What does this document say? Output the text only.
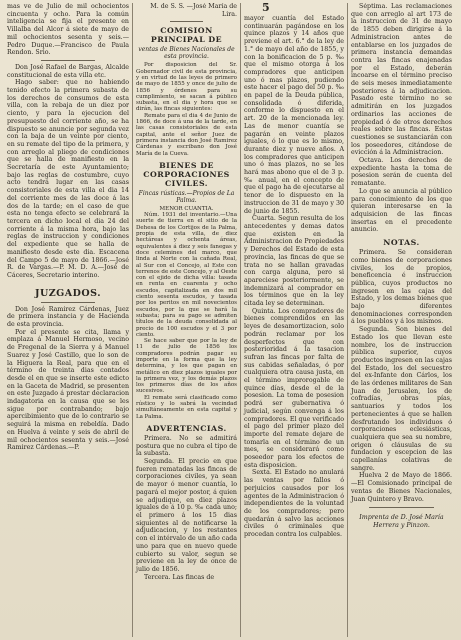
5

mas ve de Julio de mil ochocientos cincuenta y ocho. Para la común inteligencia se fija el presente en Villalba del Alcor á siete de mayo de mil ochocientos sesenta y seis.—Pedro Duque.—Francisco de Paula Rendon. Srio.

Don José Rafael de Bargas, Alcalde constitucional de esta villa etc.

Hago saber: que no habiendo tenido efecto la primera subasta de los derechos de consumos de esta villa, con la rebaja de un diez por ciento, y para la ejecucion del presupuesto del corriente año, se ha dispuesto se anuncie por segunda vez con la baja de un veinte por ciento, en su remate del tipo de la primera, y con arreglo al pliego de condiciones que se halla de manifiesto en la Secretaría de este Ayuntamiento; bajo las reglas de costumbre, cuyo acto tendrá lugar en las casas consistoriales de esta villa el dia 14 del corriente mes de las doce á las dos de la tarde; en el caso de que esta no tenga efecto se celebrará la tercera en dicho local el dia 24 del corriente á la misma hora, bajo las reglas de instruccion y condiciones del expediente que se halla de manifiesto desde este dia. Escacena del Campo 5 de mayo de 1866.—José R. de Vargas.—P. M. D. A.—José de Cáceres, Secretario interino.

JUZGADOS.

Don José Ramirez Cárdenas, Juez de primera instancia y de Hacienda de esta provincia.

Por el presente se cita, llama y emplaza á Manuel Hermoso, vecino de Fregenal de la Sierra y á Manuel Suarez y José Castillo, que lo son de la Higuera la Real, para que en el término de treinta dias contados desde el en que se inserte este edicto en la Gaceta de Madrid, se presenten en este Juzgado á prestar declaracion indagatoria en la causa que se les sigue por contrabando; bajo apercibimiento que de lo contrario se seguirá la misma en rebeldía. Dado en Huelva á veinte y seis de abril de mil ochocientos sesenta y seis.—José Ramirez Cárdenas.—P.

M. de S. S. —José María de Lira.

COMISION PRINCIPAL DE
ventas de Bienes Nacionales de esta provincia.

Por disposicion del Sr. Gobernador civil de esta provincia, y en virtud de las leyes de primero de mayo de 1855 y once de julio de 1856 y órdenes para su cumplimiento, se sacan á público subasta, en el dia y hora que se dirán, las fincas siguientes:

Remate para el dia 4 de Junio de 1866, de doce á una de la tarde, en las casas consistoriales de esta capital, ante el señor Juez de primera instancia don José Ramirez Cárdenas y escribano don José María de la Cueva.

BIENES DE CORPORACIONES CIVILES.
Fincas rústicas.—Propios de La Palma.
MENOR CUANTIA.

Núm. 1931 del inventario.—Una suerte de tierra en el sitio de la Dehesa de los Cortijos de la Palma, propia de esta villa, de diez hectáreas y ochenta áreas, equivalentes á diez y seis fanegas y doce celemines del marco, que linda al Norte con la cañada Real, al Sur con el Concejo, al Este con terrenos de este Concejo, y al Oeste con el ejido de dicha villa: tasada en renta en cuarenta y ocho escudos, capitalizada en dos mil ciento sesenta escudos, y tasada por los peritos en mil novecientos escudos, por la que se hará la subasta; para su pago se admiten títulos de la deuda consolidada al precio de 100 escudos y el 3 por ciento.

Se hace saber que por la ley de 11 de julio de 1856 los compradores podrán pagar su importe en la forma que la ley determina, y los que pagan en metálico en diez plazos iguales por la primera vez, y los demás plazos los primeros días de los años sucesivos.

El remate será clasificado como rústico y lo sabrá la vecindad simultáneamente en esta capital y La Palma.

ADVERTENCIAS.

Primera. No se admitirá postura que no cubra el tipo de la subasta.

Segunda. El precio en que fueren rematadas las fincas de corporaciones civiles, ya sean de mayor ó menor cuantía, lo pagará el mejor postor, á quien se adjudique, en diez plazos iguales de á 10 p. ‰ cada uno; el primero á los 15 dias siguientes al de notificarse la adjudicacion, y los restantes con el intérvalo de un año cada uno para que en nuevo quede cubierto su valor, segun se previene en la ley de once de julio de 1856.

Tercera. Las fincas de

mayor cuantía del Estado continuarán pagándose en los quince plazos y 14 años que previene el art. 6.° de la ley de 1.° de mayo del año de 1855, y con la bonificacion de 5 p. ‰ que el mismo otorga á los compradores que anticipen uno ó mas plazos, pudiendo este hacer el pago del 50 p. ‰ en papel de la Deuda pública, consolidada ó diferida, conforme lo dispuesto en el art. 20 de la mencionada ley. Las de menor cuantía se pagarán en veinte plazos iguales, ó lo que es lo mismo, durante diez y nueve años. A los compradores que anticipen uno ó mas plazos, no se les hará mas abono que el de 3 p. ‰ anual, en el concepto de que el pago ha de ejecutarse al tenor de lo dispuesto en la instruccion de 31 de mayo y 30 de junio de 1855.

Cuarta. Segun resulta de los antecedentes y demas datos que existen en la Administracion de Propiedades y Derechos del Estado de esta provincia, las fincas de que se trata no se hallan gravadas con carga alguna, pero si apareciese posteriormente, se indemnizará al comprador en los términos que en la ley citada ley se determinan.

Quinta. Los compradores de bienes comprendidos en las leyes de desamortizacion, solo podrán reclamar por los desperfectos que con posterioridad á la tasacion sufran las fincas por falta de sus cabidas señaladas, ó por cualquiera otra causa justa, en el término improrogable de quince días, desde el de la posesion. La toma de posesion podrá ser gubernativa ó judicial, según convenga á los compradores. El que verificado el pago del primer plazo del importe del remate dejare de tomarla en el término de un mes, se considerará como poseedor para los efectos de esta disposicion.

Sexta. El Estado no anulará las ventas por fallos ó perjuicios causados por los agentes de la Administracion ó independientes de la voluntad de los compradores; pero quedarán á salvo las acciones civiles ó criminales que procedan contra los culpables.

Séptima. Las reclamaciones que con arreglo al art 173 de la instruccion de 31 de mayo de 1855 deben dirigirse á la Administracion antes de entablarse en los juzgados de primera instancia demandas contra las fincas enajenadas por el Estado, deberán incoarse en el término preciso de seis meses inmediatamente posteriores á la adjudicacion. Pasado este término no se admitirán en los juzgados ordinarios las acciones de propiedad ó de otros derechos reales sobre las fincas. Estas cuestiones se sustanciarán con los poseedores, citándose de evicción á la Administracion.

Octava. Los derechos de expediente hasta la toma de posesion serán de cuenta del rematante.

Lo que se anuncia al público para conocimiento de los que quieran interesarse en la adquisicion de las fincas insertas en el precedente anuncio.

NOTAS.

Primera. Se consideran como bienes de corporaciones civiles, los de propios, beneficencia é instruccion pública, cuyos productos no ingresen en las cajas del Estado, y los demas bienes que bajo diferentes denominaciones corresponden á los pueblos y á los mismos.

Segunda. Son bienes del Estado los que llevan este nombre, los de instruccion pública superior, cuyos productos ingresen en las cajas del Estado, los del secuestro del ex-Infante don Cárlos, los de las órdenes militares de San Juan de Jerusalen, los de cofradías, obras pías, santuarios y todos los pertenecientes á que se hallen desfrutando los individuos ó corporaciones eclesiásticas, cualquiera que sea su nombre, origen ó cláusulas de su fundacion y escepcion de las capellanías colativas de sangre.

Huelva 2 de Mayo de 1866.—El Comisionado principal de ventas de Bienes Nacionales, Juan Quintero y Bravo.

Imprenta de D. José María Herrera y Pinzon.
